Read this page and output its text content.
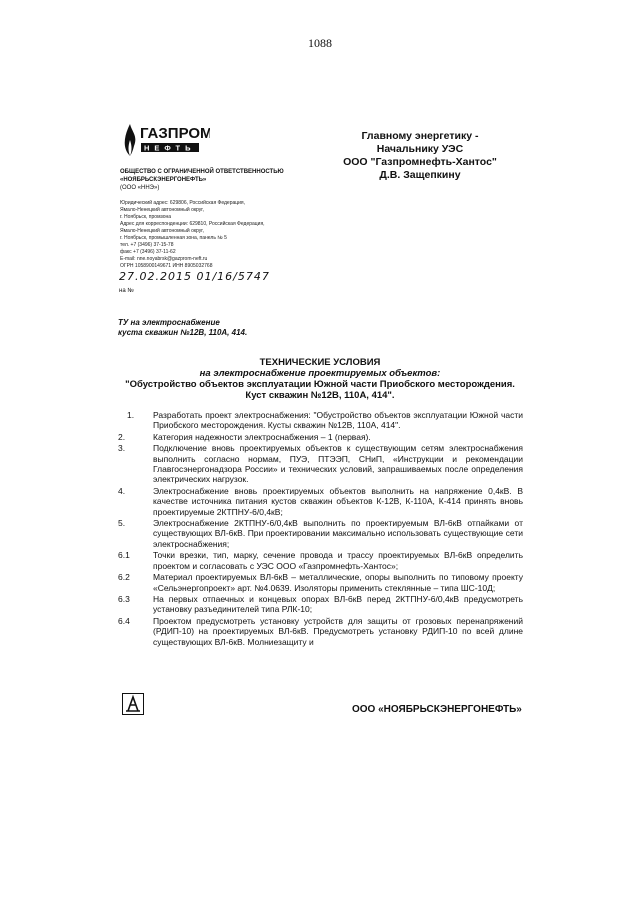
1088
ГАЗПРОМ
НЕФТЬ
Главному энергетику -
Начальнику УЭС
ООО "Газпромнефть-Хантос"
Д.В. Защепкину
ОБЩЕСТВО С ОГРАНИЧЕННОЙ ОТВЕТСТВЕННОСТЬЮ
«НОЯБРЬСКЭНЕРГОНЕФТЬ»
(ООО «ННЭ»)
Юридический адрес: 629806, Российская Федерация,
Ямало-Ненецкий автономный округ,
г. Ноябрьск, промзона
Адрес для корреспонденции: 629810, Российская Федерация,
Ямало-Ненецкий автономный округ,
г. Ноябрьск, промышленная зона, панель № 5
тел. +7 (3496) 37-15-78
факс +7 (3496) 37-11-62
E-mail: nne.noyabrsk@gazprom-neft.ru
ОГРН 1058900149671 ИНН 8905032768
27.02.2015 01/16/5747
на №
ТУ на электроснабжение
куста скважин №12В, 110А, 414.
ТЕХНИЧЕСКИЕ УСЛОВИЯ
на электроснабжение проектируемых объектов:
"Обустройство объектов эксплуатации Южной части Приобского месторождения.
Куст скважин №12В, 110А, 414".
1.	Разработать проект электроснабжения: "Обустройство объектов эксплуатации Южной части Приобского месторождения. Кусты скважин №12В, 110А, 414".
2.	Категория надежности электроснабжения – 1 (первая).
3.	Подключение вновь проектируемых объектов к существующим сетям электроснабжения выполнить согласно нормам, ПУЭ, ПТЭЭП, СНиП, «Инструкции и рекомендации Главгосэнергонадзора России» и технических условий, запрашиваемых после определения электрических нагрузок.
4.	Электроснабжение вновь проектируемых объектов выполнить на напряжение 0,4кВ. В качестве источника питания кустов скважин объектов К-12В, К-110А, К-414 принять вновь проектируемые 2КТПНУ-6/0,4кВ;
5.	Электроснабжение 2КТПНУ-6/0,4кВ выполнить по проектируемым ВЛ-6кВ отпайками от существующих ВЛ-6кВ. При проектировании максимально использовать существующие сети электроснабжения;
6.1	Точки врезки, тип, марку, сечение провода и трассу проектируемых ВЛ-6кВ определить проектом и согласовать с УЭС ООО «Газпромнефть-Хантос»;
6.2	Материал проектируемых ВЛ-6кВ – металлические, опоры выполнить по типовому проекту «Сельэнергопроект» арт. №4.0639. Изоляторы применить стеклянные – типа ШС-10Д;
6.3	На первых отпаечных и концевых опорах ВЛ-6кВ перед 2КТПНУ-6/0,4кВ предусмотреть установку разъединителей типа РЛК-10;
6.4	Проектом предусмотреть установку устройств для защиты от грозовых перенапряжений (РДИП-10) на проектируемых ВЛ-6кВ. Предусмотреть установку РДИП-10 по всей длине существующих ВЛ-6кВ. Молниезащиту и
ООО «НОЯБРЬСКЭНЕРГОНЕФТЬ»
